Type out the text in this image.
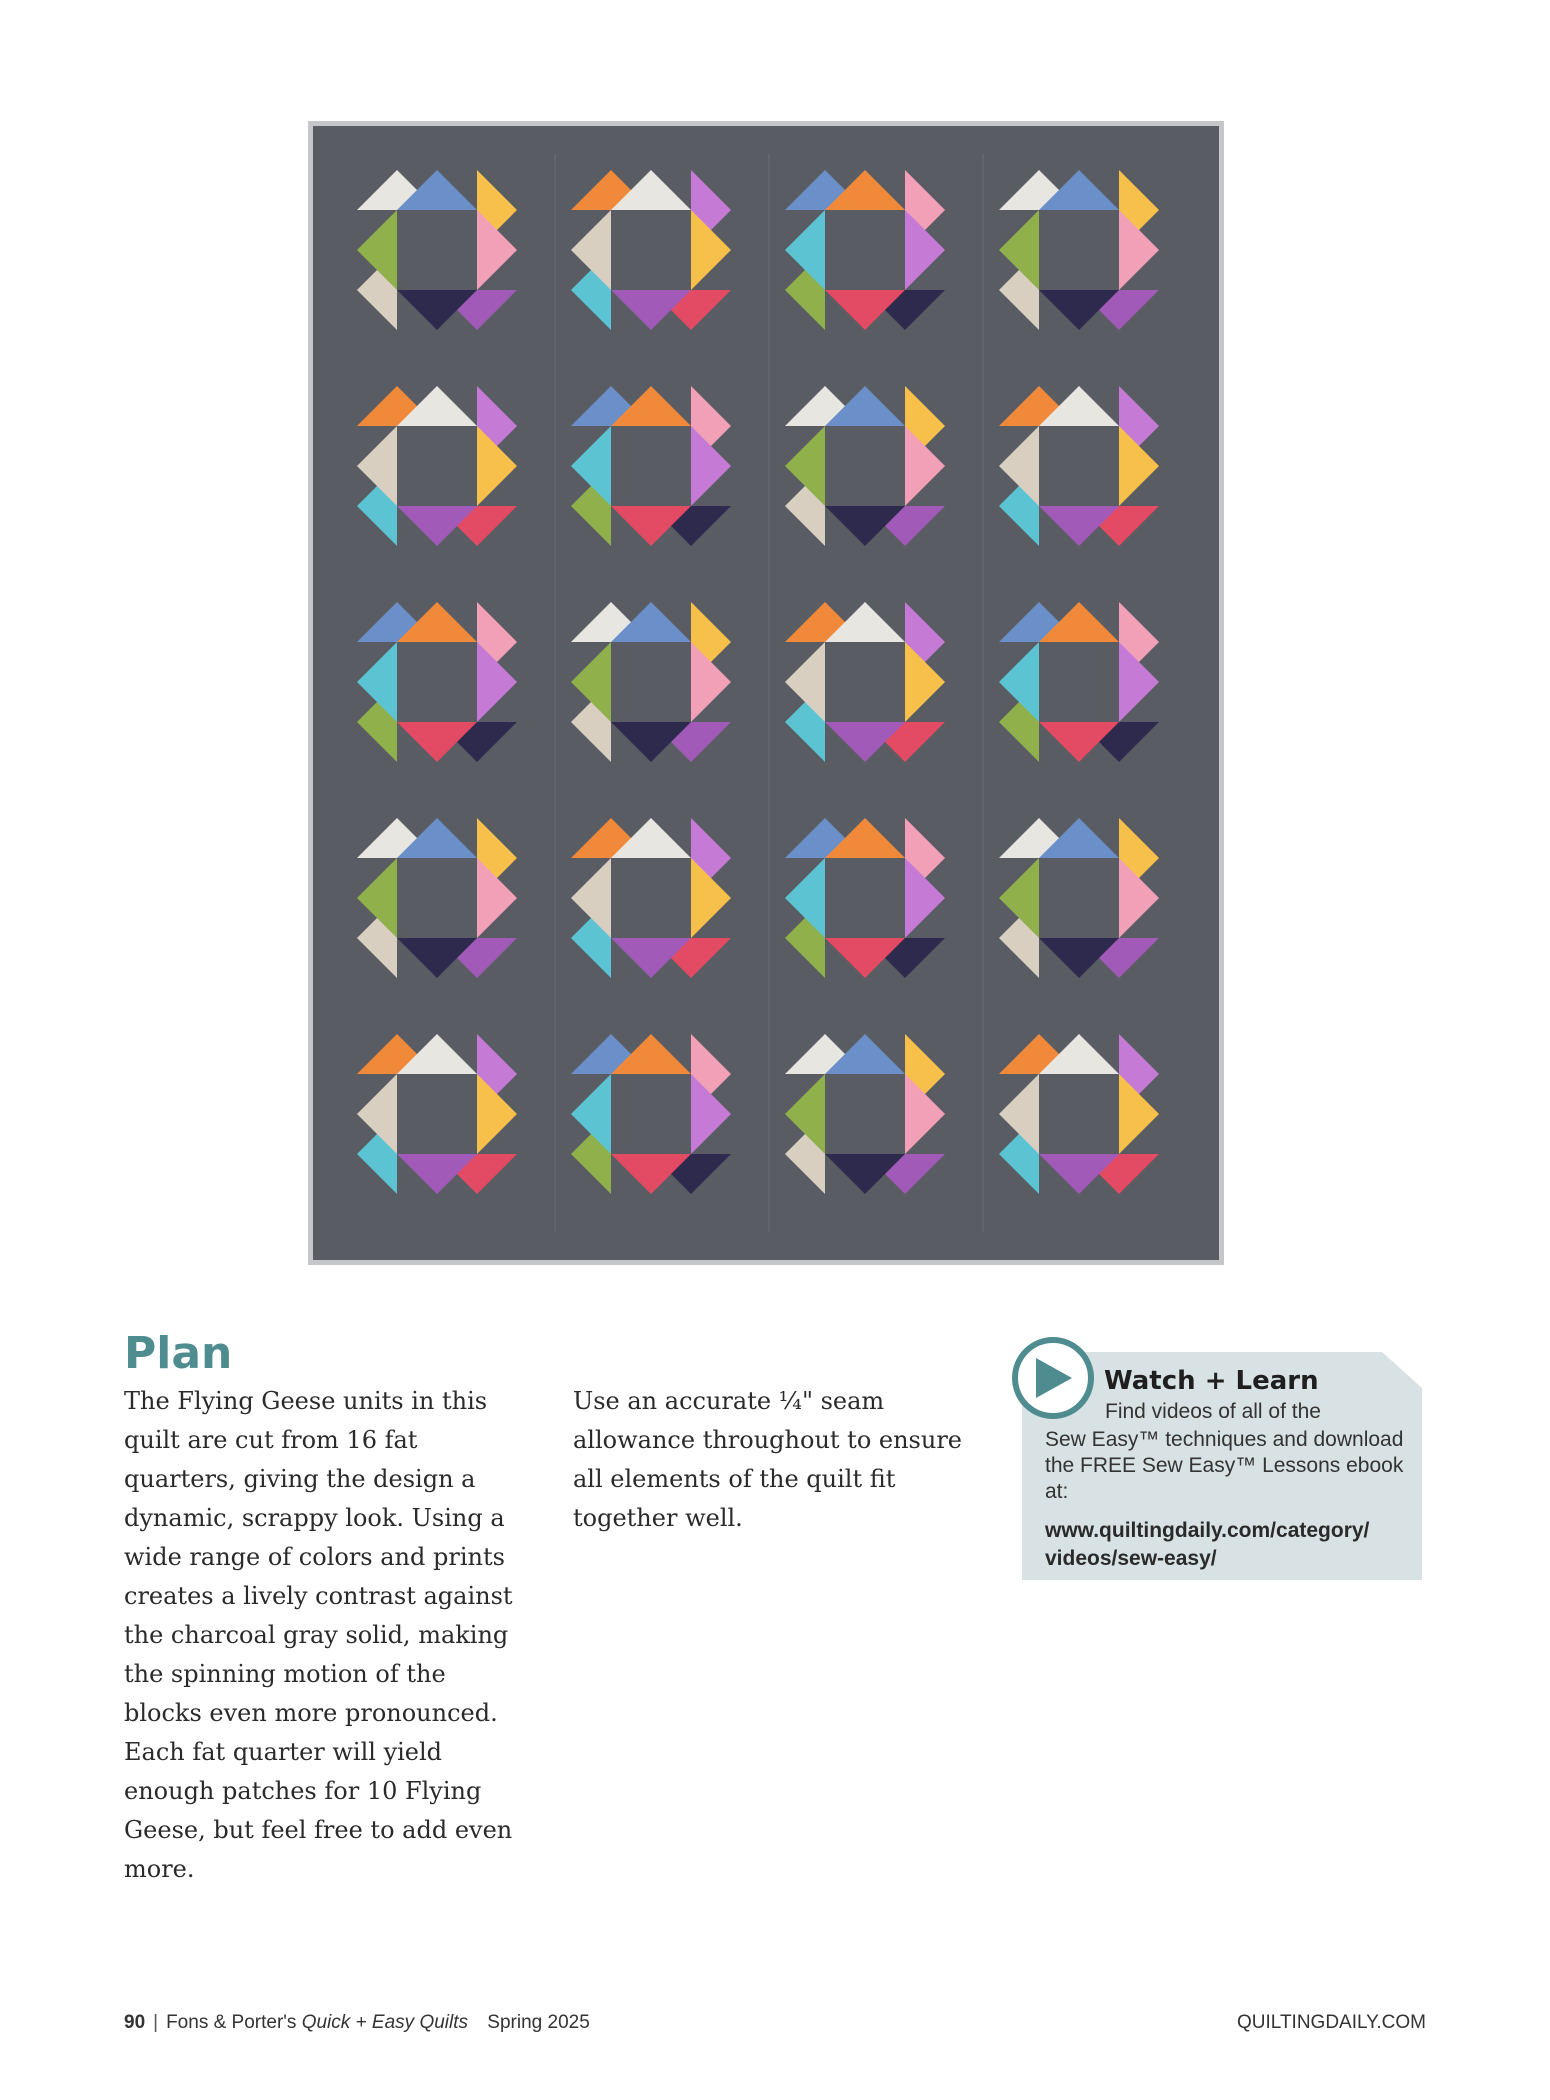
Plan

The Flying Geese units in this quilt are cut from 16 fat quarters, giving the design a dynamic, scrappy look. Using a wide range of colors and prints creates a lively contrast against the charcoal gray solid, making the spinning motion of the blocks even more pronounced. Each fat quarter will yield enough patches for 10 Flying Geese, but feel free to add even more.

Use an accurate ¼" seam allowance throughout to ensure all elements of the quilt fit together well.

Watch + Learn

Find videos of all of the

Sew Easy™ techniques and download the FREE Sew Easy™ Lessons ebook at:

www.quiltingdaily.com/category/ videos/sew-easy/

90 | Fons & Porter's Quick + Easy Quilts Spring 2025	QUILTINGDAILY.COM
